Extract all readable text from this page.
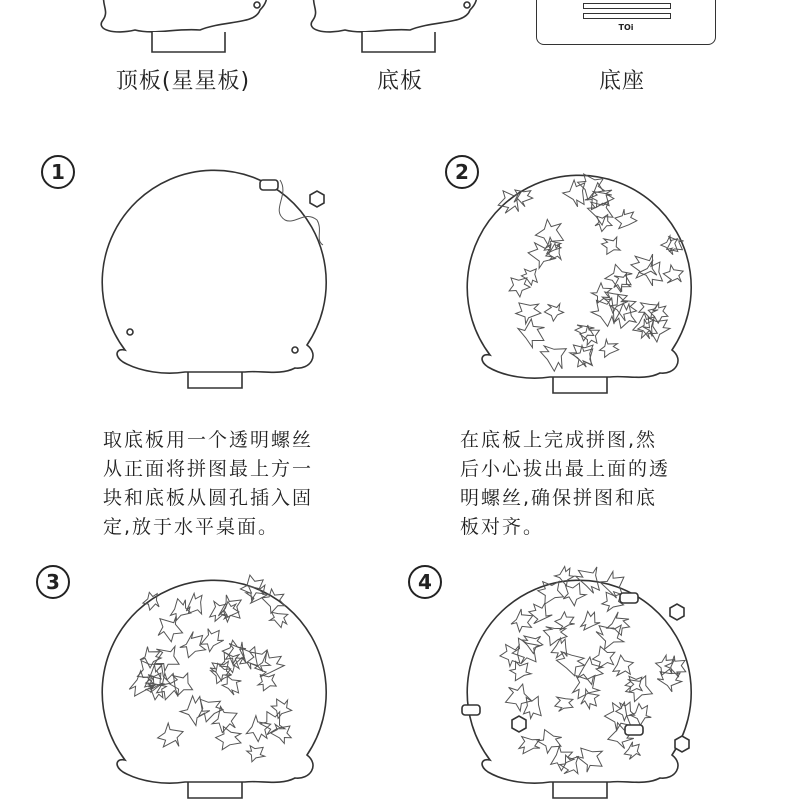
TOi
顶板(星星板)	底板	底座
1	2
3	4
取底板用一个透明螺丝
从正面将拼图最上方一
块和底板从圆孔插入固
定,放于水平桌面。
在底板上完成拼图,然
后小心拔出最上面的透
明螺丝,确保拼图和底
板对齐。
